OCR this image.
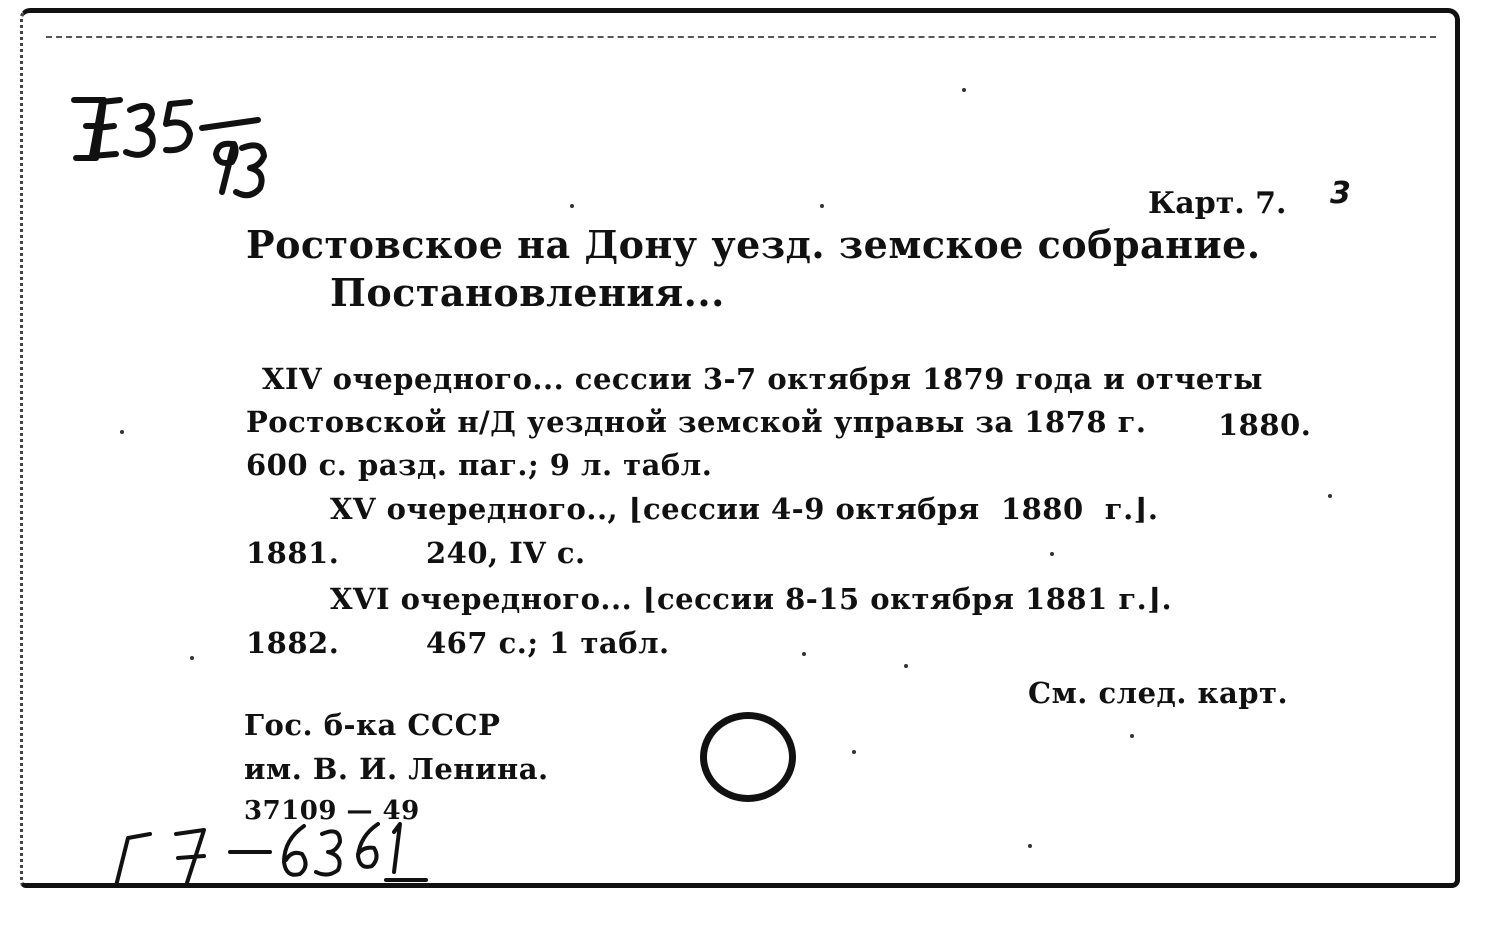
E35/93
Карт. 7. 3
Ростовское на Дону уезд. земское собрание.
Постановления...
XIV очередного... сессии 3-7 октября 1879 года и отчеты
Ростовской н/Д уездной земской управы за 1878 г. 1880.
600 с. разд. паг.; 9 л. табл.
XV очередного.., ⌊сессии 4-9 октября  1880  г.⌋.
1881.	240, IV с.
XVI очередного... ⌊сессии 8-15 октября 1881 г.⌋.
1882.	467 с.; 1 табл.
См. след. карт.
Гос. б-ка СССР
им. В. И. Ленина.
37109 — 49
Г7-6361
